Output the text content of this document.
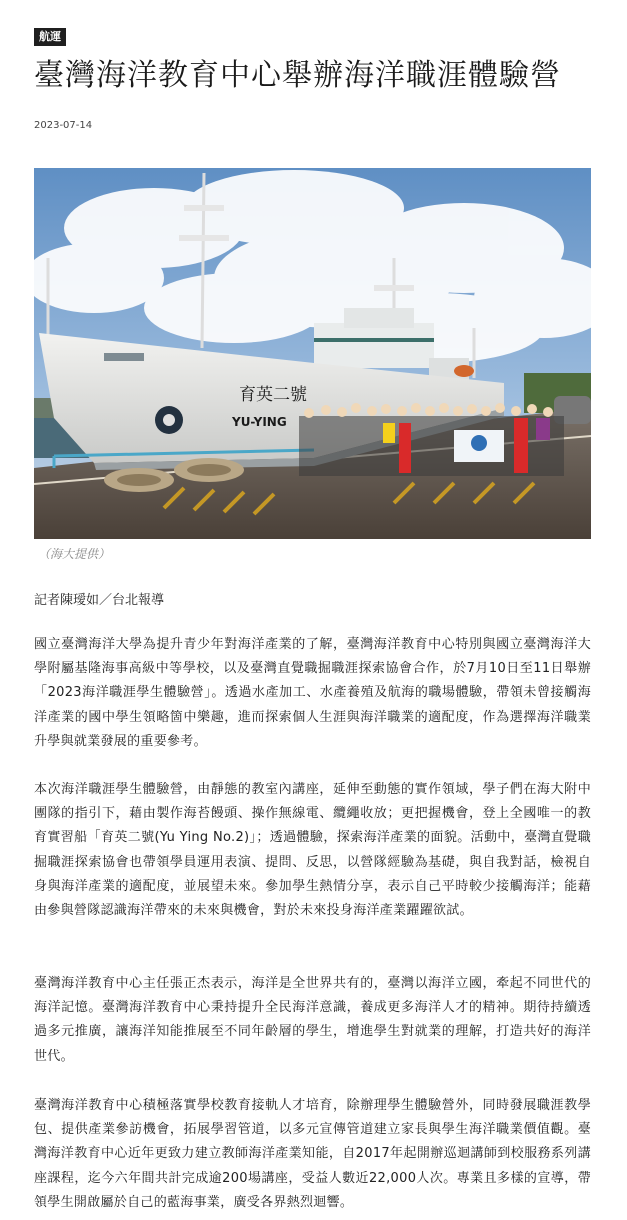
航運
臺灣海洋教育中心舉辦海洋職涯體驗營
2023-07-14
育英二號
YU-YING
（海大提供）
記者陳璦如／台北報導

國立臺灣海洋大學為提升青少年對海洋產業的了解，臺灣海洋教育中心特別與國立臺灣海洋大學附屬基隆海事高級中等學校，以及臺灣直覺職掘職涯探索協會合作，於7月10日至11日舉辦「2023海洋職涯學生體驗營」。透過水產加工、水產養殖及航海的職場體驗，帶領未曾接觸海洋產業的國中學生領略箇中樂趣，進而探索個人生涯與海洋職業的適配度，作為選擇海洋職業升學與就業發展的重要參考。

本次海洋職涯學生體驗營，由靜態的教室內講座，延伸至動態的實作領域，學子們在海大附中團隊的指引下，藉由製作海苔饅頭、操作無線電、纜繩收放；更把握機會，登上全國唯一的教育實習船「育英二號(Yu Ying No.2)」；透過體驗，探索海洋產業的面貌。活動中，臺灣直覺職掘職涯探索協會也帶領學員運用表演、提問、反思，以營隊經驗為基礎，與自我對話，檢視自身與海洋產業的適配度，並展望未來。參加學生熱情分享，表示自己平時較少接觸海洋；能藉由參與營隊認識海洋帶來的未來與機會，對於未來投身海洋產業躍躍欲試。

臺灣海洋教育中心主任張正杰表示，海洋是全世界共有的，臺灣以海洋立國，牽起不同世代的海洋記憶。臺灣海洋教育中心秉持提升全民海洋意識，養成更多海洋人才的精神。期待持續透過多元推廣，讓海洋知能推展至不同年齡層的學生，增進學生對就業的理解，打造共好的海洋世代。

臺灣海洋教育中心積極落實學校教育接軌人才培育，除辦理學生體驗營外，同時發展職涯教學包、提供產業參訪機會，拓展學習管道，以多元宣傳管道建立家長與學生海洋職業價值觀。臺灣海洋教育中心近年更致力建立教師海洋產業知能，自2017年起開辦巡迴講師到校服務系列講座課程，迄今六年間共計完成逾200場講座，受益人數近22,000人次。專業且多樣的宣導，帶領學生開啟屬於自己的藍海事業，廣受各界熱烈迴響。
